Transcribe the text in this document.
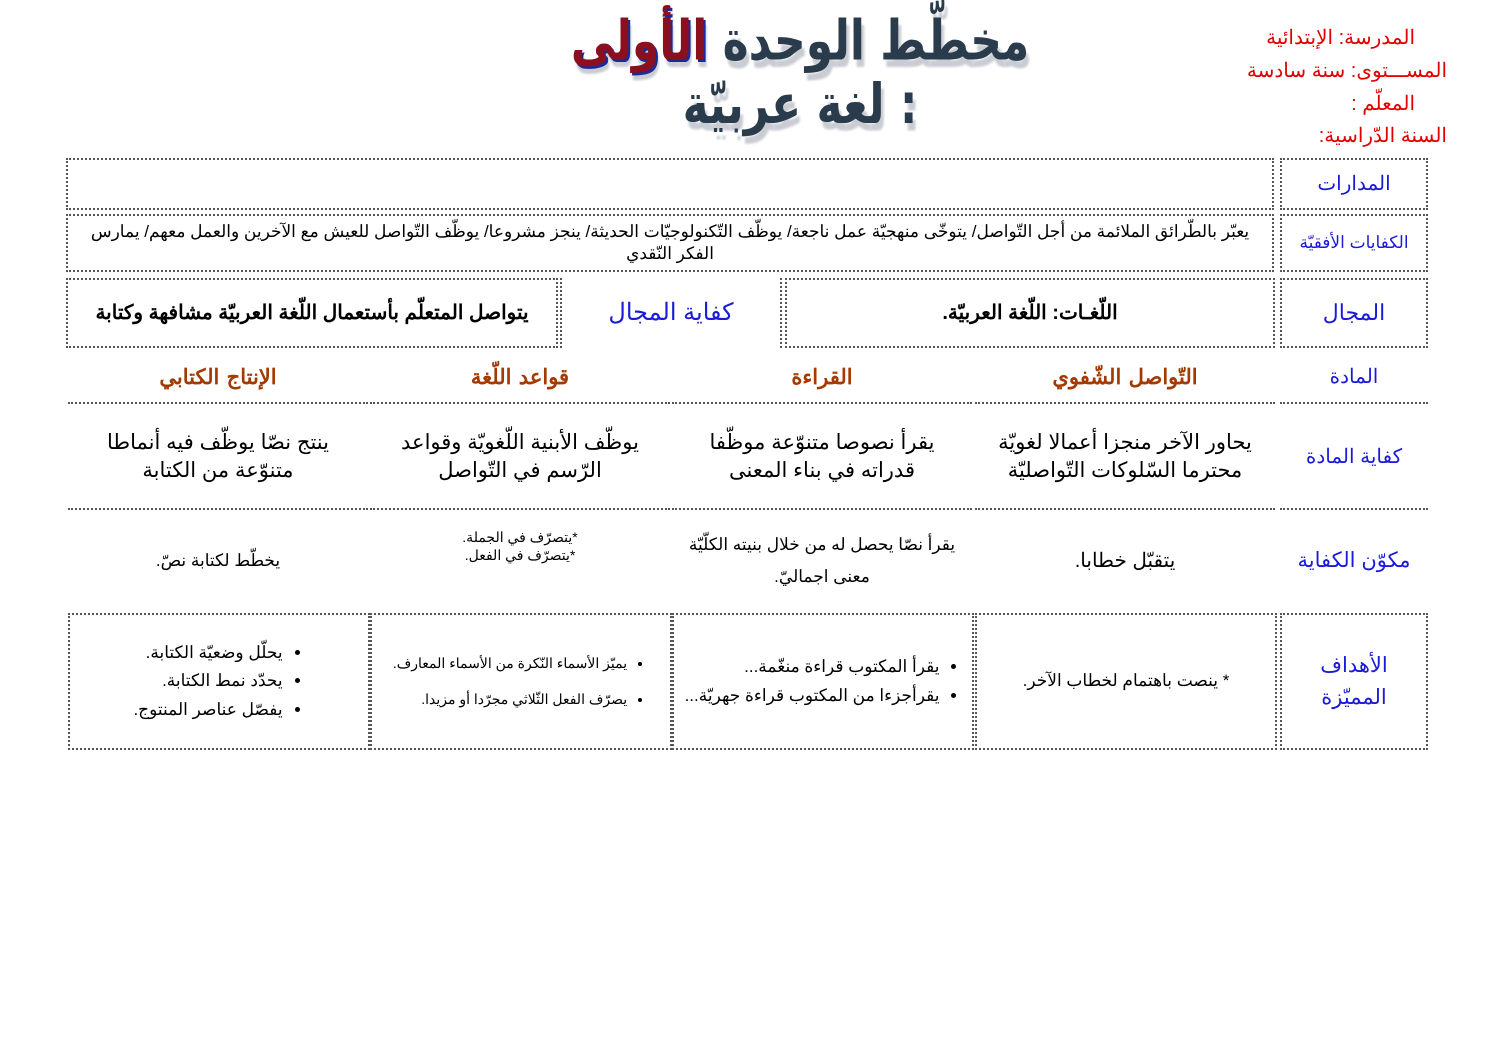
مخطّط الوحدة الأولى : لغة عربيّة
المدرسة: الإبتدائية
المســـتوى: سنة سادسة
المعلّم :
السنة الدّراسية:
المدارات
الكفايات الأفقيّة
يعبّر بالطّرائق الملائمة من أجل التّواصل/ يتوخّى منهجيّة عمل ناجعة/ يوظّف التّكنولوجيّات الحديثة/ ينجز مشروعا/ يوظّف التّواصل للعيش مع الآخرين والعمل معهم/ يمارس الفكر النّقدي
المجال
اللّغـات: اللّغة العربيّة.
كفاية المجال
يتواصل المتعلّم بأستعمال اللّغة العربيّة مشافهة وكتابة
المادة
التّواصل الشّفوي
القراءة
قواعد اللّغة
الإنتاج الكتابي
كفاية المادة
يحاور الآخر منجزا أعمالا لغويّة محترما السّلوكات التّواصليّة
يقرأ نصوصا متنوّعة موظّفا قدراته في بناء المعنى
يوظّف الأبنية اللّغويّة وقواعد الرّسم في التّواصل
ينتج نصّا يوظّف فيه أنماطا متنوّعة من الكتابة
مكوّن الكفاية
يتقبّل خطابا.
يقرأ نصّا يحصل له من خلال بنيته الكلّيّة معنى اجماليّ.
*يتصرّف في الجملة.
*يتصرّف في الفعل.
يخطّط لكتابة نصّ.
الأهداف المميّزة
* ينصت باهتمام لخطاب الآخر.
• يقرأ المكتوب قراءة منغّمة...
• يقرأجزءا من المكتوب قراءة جهريّة...
• يميّز الأسماء النّكرة من الأسماء المعارف.
• يصرّف الفعل الثّلاثي مجرّدا أو مزيدا.
• يحلّل وضعيّة الكتابة.
• يحدّد نمط الكتابة.
• يفصّل عناصر المنتوج.
